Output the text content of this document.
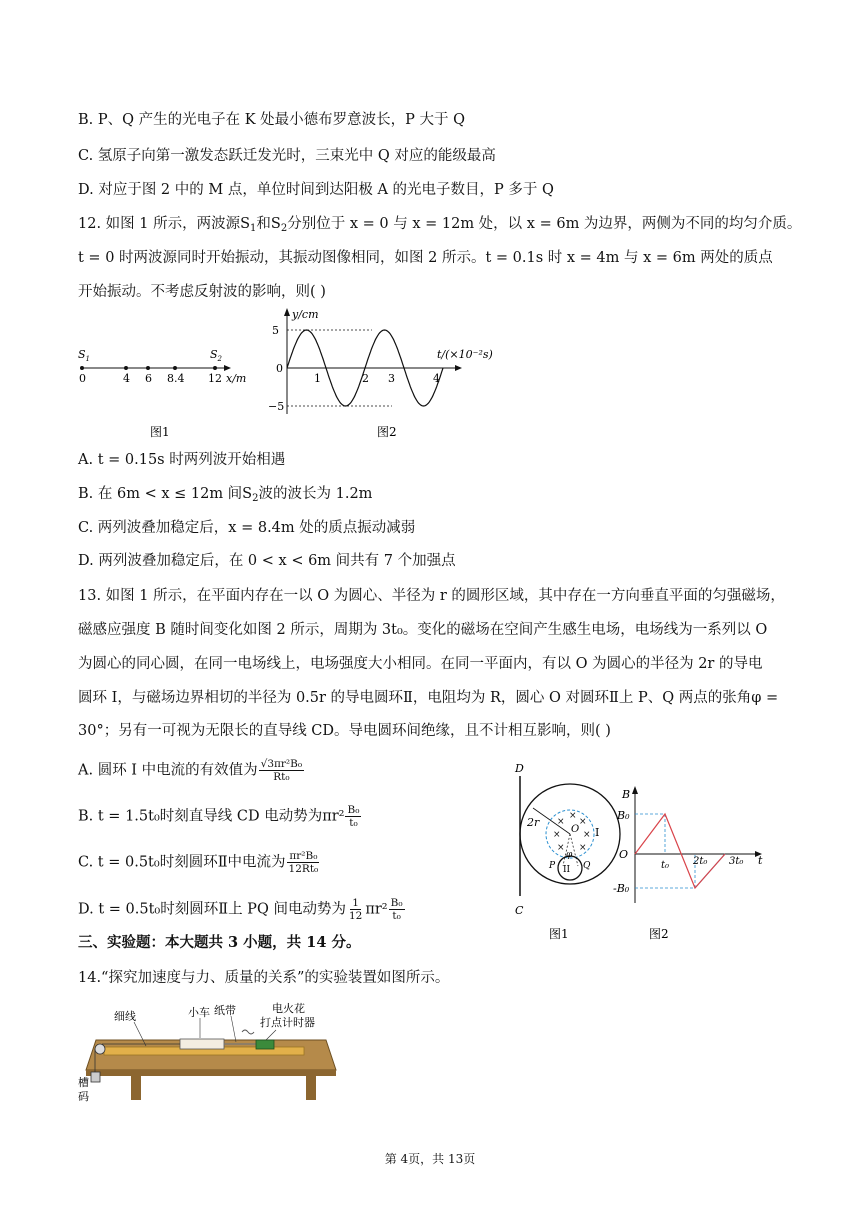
B. P、Q 产生的光电子在 K 处最小德布罗意波长，P 大于 Q
C. 氢原子向第一激发态跃迁发光时，三束光中 Q 对应的能级最高
D. 对应于图 2 中的 M 点，单位时间到达阳极 A 的光电子数目，P 多于 Q
12. 如图 1 所示，两波源$S_1$和$S_2$分别位于 x = 0 与 x = 12m 处，以 x = 6m 为边界，两侧为不同的均匀介质。
t = 0 时两波源同时开始振动，其振动图像相同，如图 2 所示。t = 0.1s 时 x = 4m 与 x = 6m 两处的质点
开始振动。不考虑反射波的影响，则( )
$S_1$	$S_2$
0	4 6 8.4 12 x/m
图1
y/cm
5
0
−5
1	2 3	4
t/(×10⁻²s)
图2
A. t = 0.15s 时两列波开始相遇
B. 在 6m < x ≤ 12m 间$S_2$波的波长为 1.2m
C. 两列波叠加稳定后，x = 8.4m 处的质点振动减弱
D. 两列波叠加稳定后，在 0 < x < 6m 间共有 7 个加强点
13. 如图 1 所示，在平面内存在一以 O 为圆心、半径为 r 的圆形区域，其中存在一方向垂直平面的匀强磁场，
磁感应强度 B 随时间变化如图 2 所示，周期为 3t₀。变化的磁场在空间产生感生电场，电场线为一系列以 O
为圆心的同心圆，在同一电场线上，电场强度大小相同。在同一平面内，有以 O 为圆心的半径为 2r 的导电
圆环 I，与磁场边界相切的半径为 0.5r 的导电圆环Ⅱ，电阻均为 R，圆心 O 对圆环Ⅱ上 P、Q 两点的张角φ =
30°；另有一可视为无限长的直导线 CD。导电圆环间绝缘，且不计相互影响，则( )
A. 圆环 I 中电流的有效值为 $\frac{\text{√3πr²B₀}}{\text{Rt₀}}$
B. t = 1.5t₀时刻直导线 CD 电动势为$\pi r^2 \frac{\text{B₀}}{\text{t₀}}$
C. t = 0.5t₀时刻圆环Ⅱ中电流为 $\frac{\text{πr²B₀}}{\text{12Rt₀}}$
D. t = 0.5t₀时刻圆环Ⅱ上 PQ 间电动势为 $\frac{1}{12} \pi r^2 \frac{\text{B₀}}{\text{t₀}}$
D
C
×
×
×
× ×
× ×
2r
O I
φ
P	Q
II
图1
B
B₀
O
-B₀
t₀ 2t₀ 3t₀ t
图2
三、实验题：本大题共 3 小题，共 14 分。
14.“探究加速度与力、质量的关系”的实验装置如图所示。
细线	小车 纸带	电火花
打点计时器
槽
码
第 4页，共 13页
